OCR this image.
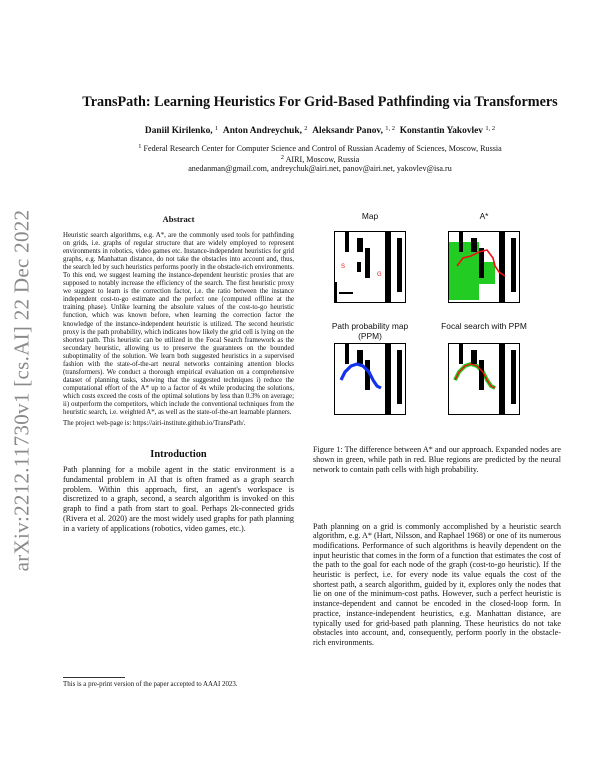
arXiv:2212.11730v1 [cs.AI] 22 Dec 2022
TransPath: Learning Heuristics For Grid-Based Pathfinding via Transformers
Daniil Kirilenko, $^1$ Anton Andreychuk, $^2$ Aleksandr Panov, $^{1, 2}$ Konstantin Yakovlev $^{1, 2}$
$^1$ Federal Research Center for Computer Science and Control of Russian Academy of Sciences, Moscow, Russia
$^2$ AIRI, Moscow, Russia
anedanman@gmail.com, andreychuk@airi.net, panov@airi.net, yakovlev@isa.ru
Abstract

Heuristic search algorithms, e.g. A*, are the commonly used tools for pathfinding on grids, i.e. graphs of regular structure that are widely employed to represent environments in robotics, video games etc. Instance-independent heuristics for grid graphs, e.g. Manhattan distance, do not take the obstacles into account and, thus, the search led by such heuristics performs poorly in the obstacle-rich environments. To this end, we suggest learning the instance-dependent heuristic proxies that are supposed to notably increase the efficiency of the search. The first heuristic proxy we suggest to learn is the correction factor, i.e. the ratio between the instance independent cost-to-go estimate and the perfect one (computed offline at the training phase). Unlike learning the absolute values of the cost-to-go heuristic function, which was known before, when learning the correction factor the knowledge of the instance-independent heuristic is utilized. The second heuristic proxy is the path probability, which indicates how likely the grid cell is lying on the shortest path. This heuristic can be utilized in the Focal Search framework as the secondary heuristic, allowing us to preserve the guarantees on the bounded suboptimality of the solution. We learn both suggested heuristics in a supervised fashion with the state-of-the-art neural networks containing attention blocks (transformers). We conduct a thorough empirical evaluation on a comprehensive dataset of planning tasks, showing that the suggested techniques i) reduce the computational effort of the A* up to a factor of 4x while producing the solutions, which costs exceed the costs of the optimal solutions by less than 0.3% on average; ii) outperform the competitors, which include the conventional techniques from the heuristic search, i.e. weighted A*, as well as the state-of-the-art learnable planners.

The project web-page is: https://airi-institute.github.io/TransPath/.

Introduction
Path planning for a mobile agent in the static environment is a fundamental problem in AI that is often framed as a graph search problem. Within this approach, first, an agent's workspace is discretized to a graph, second, a search algorithm is invoked on this graph to find a path from start to goal. Perhaps 2k-connected grids (Rivera et al. 2020) are the most widely used graphs for path planning in a variety of applications (robotics, video games, etc.).
This is a pre-print version of the paper accepted to AAAI 2023.
Map	A*
Path probability map (PPM)
Focal search with PPM
S
G
Figure 1: The difference between A* and our approach. Expanded nodes are shown in green, while path in red. Blue regions are predicted by the neural network to contain path cells with high probability.
Path planning on a grid is commonly accomplished by a heuristic search algorithm, e.g. A* (Hart, Nilsson, and Raphael 1968) or one of its numerous modifications. Performance of such algorithms is heavily dependent on the input heuristic that comes in the form of a function that estimates the cost of the path to the goal for each node of the graph (cost-to-go heuristic). If the heuristic is perfect, i.e. for every node its value equals the cost of the shortest path, a search algorithm, guided by it, explores only the nodes that lie on one of the minimum-cost paths. However, such a perfect heuristic is instance-dependent and cannot be encoded in the closed-loop form. In practice, instance-independent heuristics, e.g. Manhattan distance, are typically used for grid-based path planning. These heuristics do not take obstacles into account, and, consequently, perform poorly in the obstacle-rich environments.
